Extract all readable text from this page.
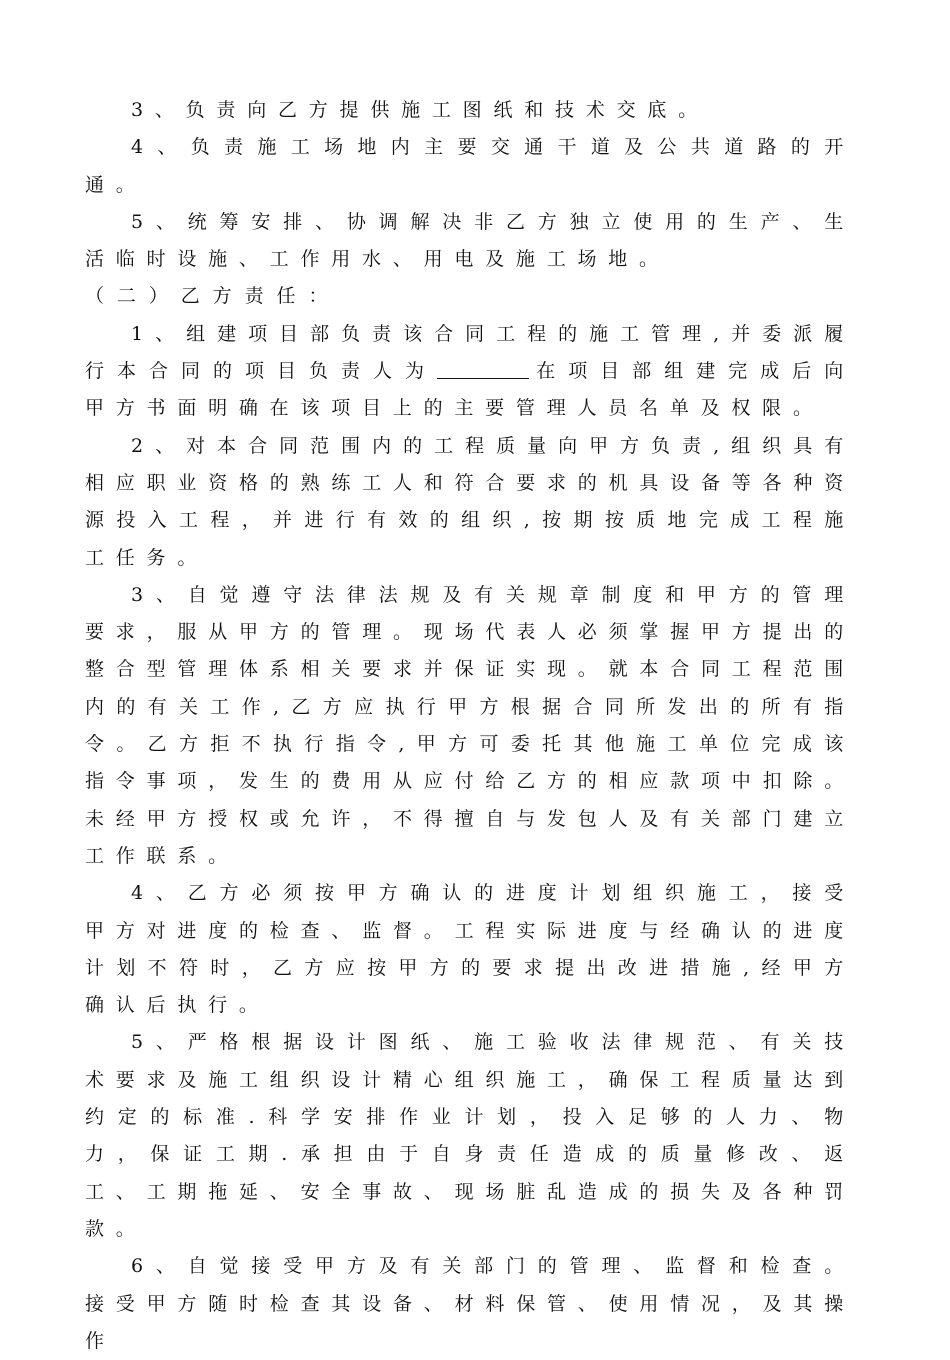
3、负责向乙方提供施工图纸和技术交底。

4、负责施工场地内主要交通干道及公共道路的开通。

5、统筹安排、协调解决非乙方独立使用的生产、生活临时设施、工作用水、用电及施工场地。

（二）乙方责任：

1、组建项目部负责该合同工程的施工管理,并委派履行本合同的项目负责人为	在项目部组建完成后向甲方书面明确在该项目上的主要管理人员名单及权限。

2、对本合同范围内的工程质量向甲方负责,组织具有相应职业资格的熟练工人和符合要求的机具设备等各种资源投入工程，并进行有效的组织,按期按质地完成工程施工任务。

3、自觉遵守法律法规及有关规章制度和甲方的管理要求，服从甲方的管理。现场代表人必须掌握甲方提出的整合型管理体系相关要求并保证实现。就本合同工程范围内的有关工作,乙方应执行甲方根据合同所发出的所有指令。乙方拒不执行指令,甲方可委托其他施工单位完成该指令事项，发生的费用从应付给乙方的相应款项中扣除。未经甲方授权或允许，不得擅自与发包人及有关部门建立工作联系。

4、乙方必须按甲方确认的进度计划组织施工，接受甲方对进度的检查、监督。工程实际进度与经确认的进度计划不符时，乙方应按甲方的要求提出改进措施,经甲方确认后执行。

5、严格根据设计图纸、施工验收法律规范、有关技术要求及施工组织设计精心组织施工，确保工程质量达到约定的标准.科学安排作业计划，投入足够的人力、物力，保证工期.承担由于自身责任造成的质量修改、返工、工期拖延、安全事故、现场脏乱造成的损失及各种罚款。

6、自觉接受甲方及有关部门的管理、监督和检查。接受甲方随时检查其设备、材料保管、使用情况，及其操作
